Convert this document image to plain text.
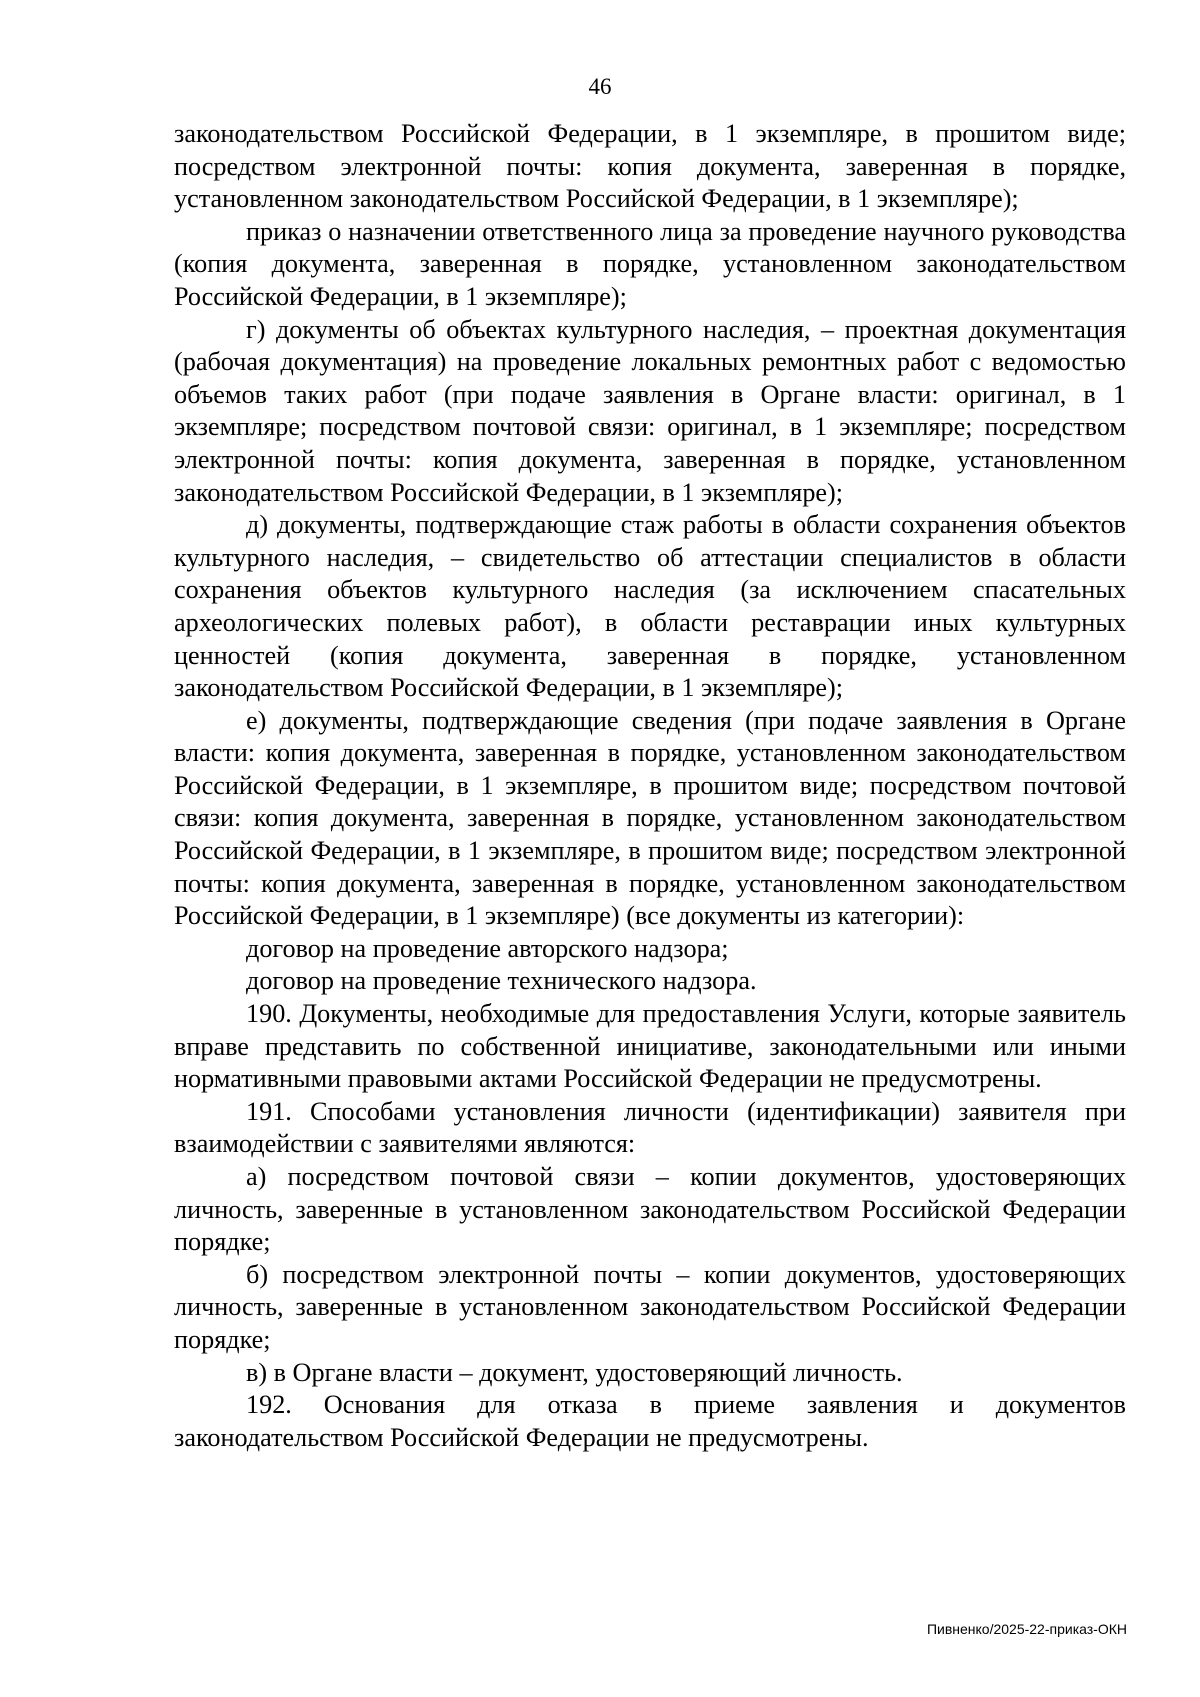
46

законодательством Российской Федерации, в 1 экземпляре, в прошитом виде; посредством электронной почты: копия документа, заверенная в порядке, установленном законодательством Российской Федерации, в 1 экземпляре);

приказ о назначении ответственного лица за проведение научного руководства (копия документа, заверенная в порядке, установленном законодательством Российской Федерации, в 1 экземпляре);

г) документы об объектах культурного наследия, – проектная документация (рабочая документация) на проведение локальных ремонтных работ с ведомостью объемов таких работ (при подаче заявления в Органе власти: оригинал, в 1 экземпляре; посредством почтовой связи: оригинал, в 1 экземпляре; посредством электронной почты: копия документа, заверенная в порядке, установленном законодательством Российской Федерации, в 1 экземпляре);

д) документы, подтверждающие стаж работы в области сохранения объектов культурного наследия, – свидетельство об аттестации специалистов в области сохранения объектов культурного наследия (за исключением спасательных археологических полевых работ), в области реставрации иных культурных ценностей (копия документа, заверенная в порядке, установленном законодательством Российской Федерации, в 1 экземпляре);

е) документы, подтверждающие сведения (при подаче заявления в Органе власти: копия документа, заверенная в порядке, установленном законодательством Российской Федерации, в 1 экземпляре, в прошитом виде; посредством почтовой связи: копия документа, заверенная в порядке, установленном законодательством Российской Федерации, в 1 экземпляре, в прошитом виде; посредством электронной почты: копия документа, заверенная в порядке, установленном законодательством Российской Федерации, в 1 экземпляре) (все документы из категории):

договор на проведение авторского надзора;

договор на проведение технического надзора.

190. Документы, необходимые для предоставления Услуги, которые заявитель вправе представить по собственной инициативе, законодательными или иными нормативными правовыми актами Российской Федерации не предусмотрены.

191. Способами установления личности (идентификации) заявителя при взаимодействии с заявителями являются:

а) посредством почтовой связи – копии документов, удостоверяющих личность, заверенные в установленном законодательством Российской Федерации порядке;

б) посредством электронной почты – копии документов, удостоверяющих личность, заверенные в установленном законодательством Российской Федерации порядке;

в) в Органе власти – документ, удостоверяющий личность.

192. Основания для отказа в приеме заявления и документов законодательством Российской Федерации не предусмотрены.

Пивненко/2025-22-приказ-ОКН
